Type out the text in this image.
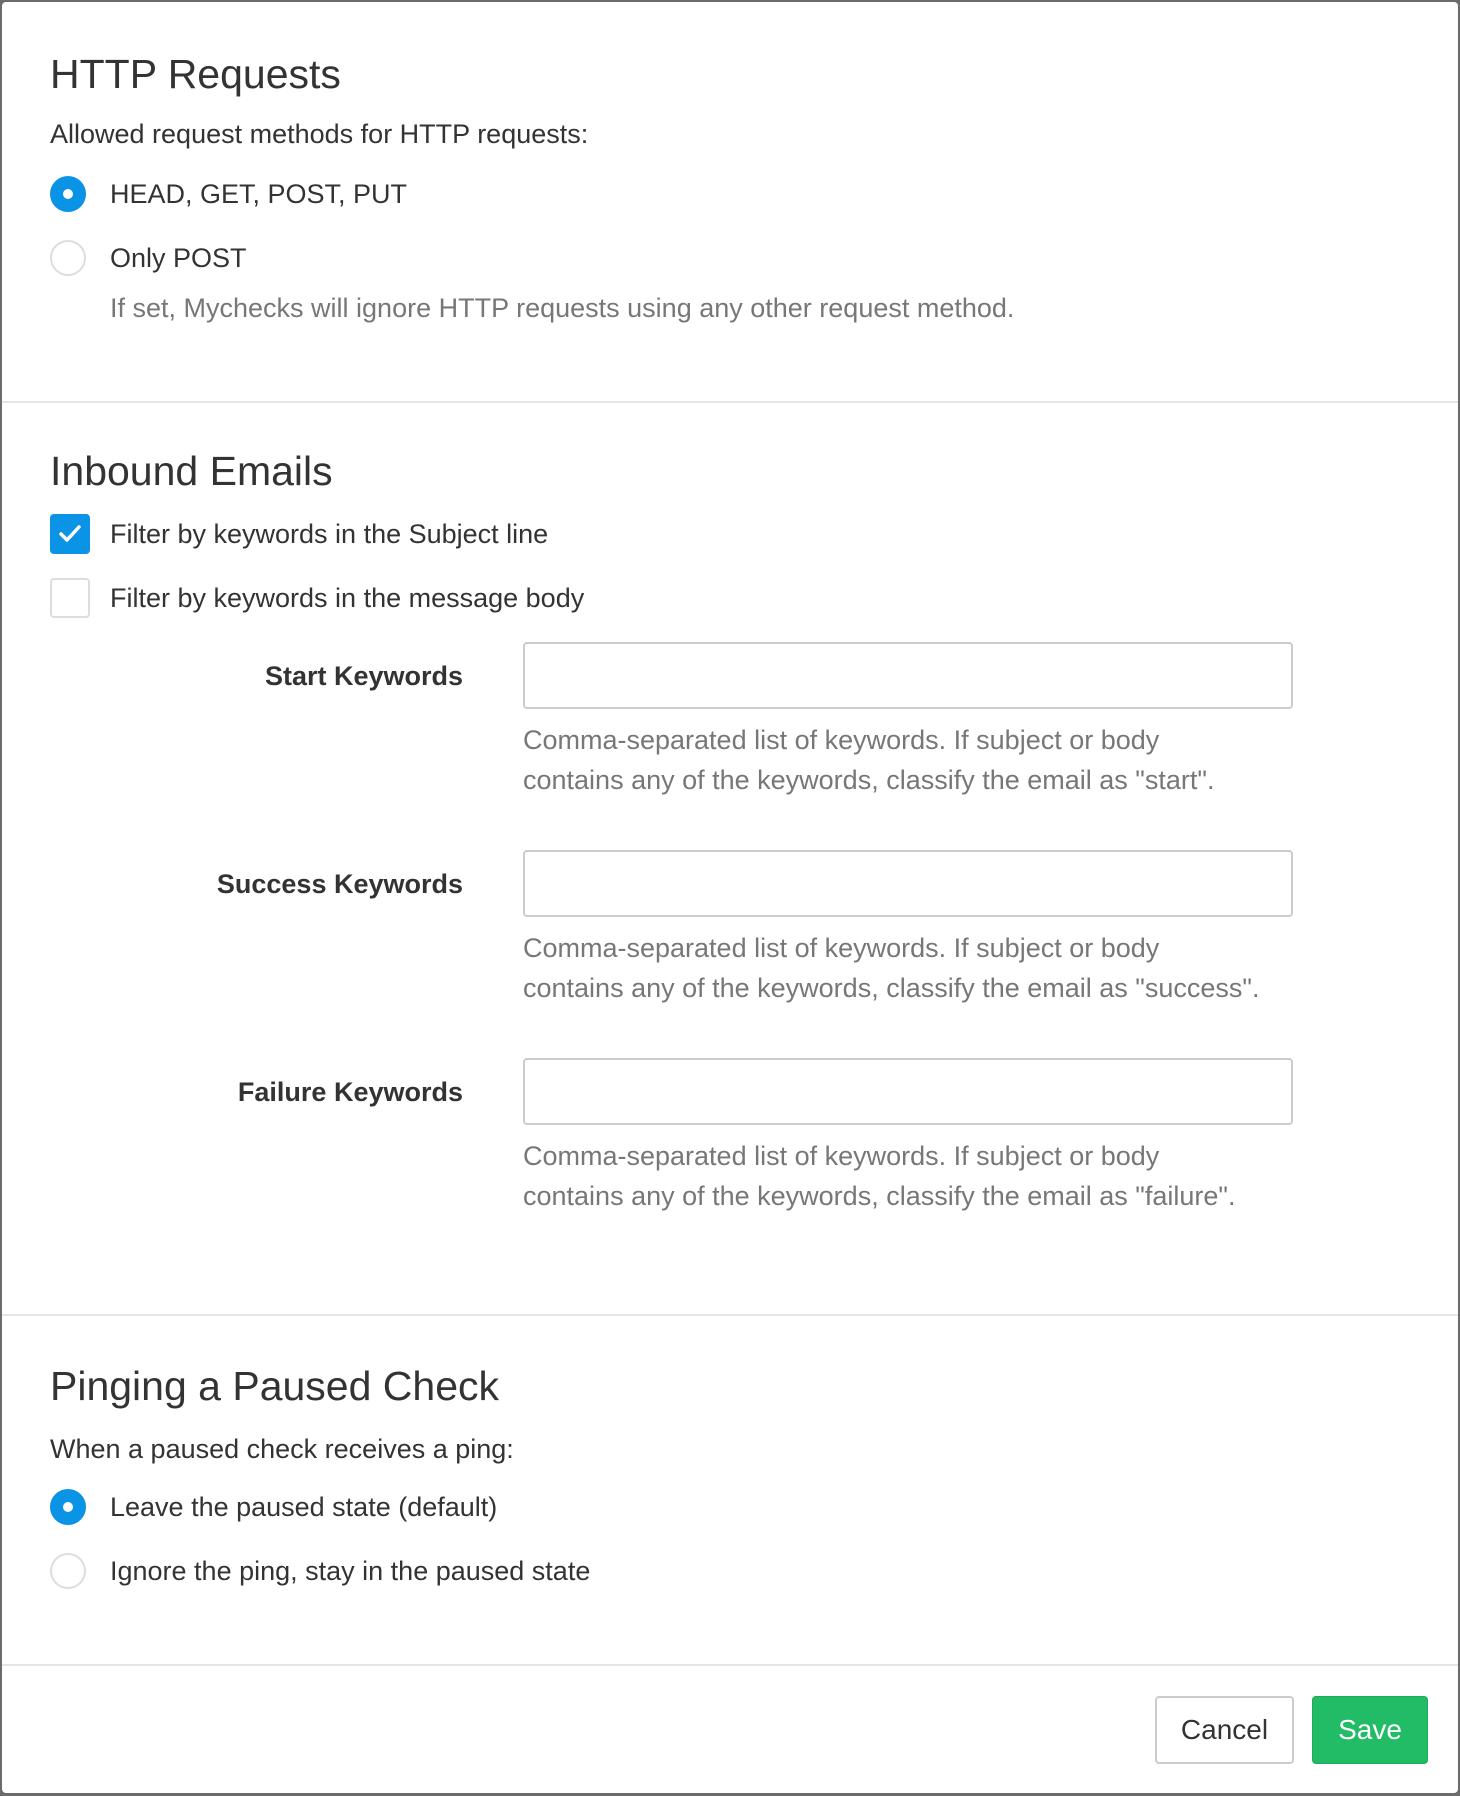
HTTP Requests
Allowed request methods for HTTP requests:
HEAD, GET, POST, PUT
Only POST
If set, Mychecks will ignore HTTP requests using any other request method.
Inbound Emails
Filter by keywords in the Subject line
Filter by keywords in the message body
Start Keywords
Comma-separated list of keywords. If subject or body
contains any of the keywords, classify the email as "start".
Success Keywords
Comma-separated list of keywords. If subject or body
contains any of the keywords, classify the email as "success".
Failure Keywords
Comma-separated list of keywords. If subject or body
contains any of the keywords, classify the email as "failure".
Pinging a Paused Check
When a paused check receives a ping:
Leave the paused state (default)
Ignore the ping, stay in the paused state
Cancel	Save
